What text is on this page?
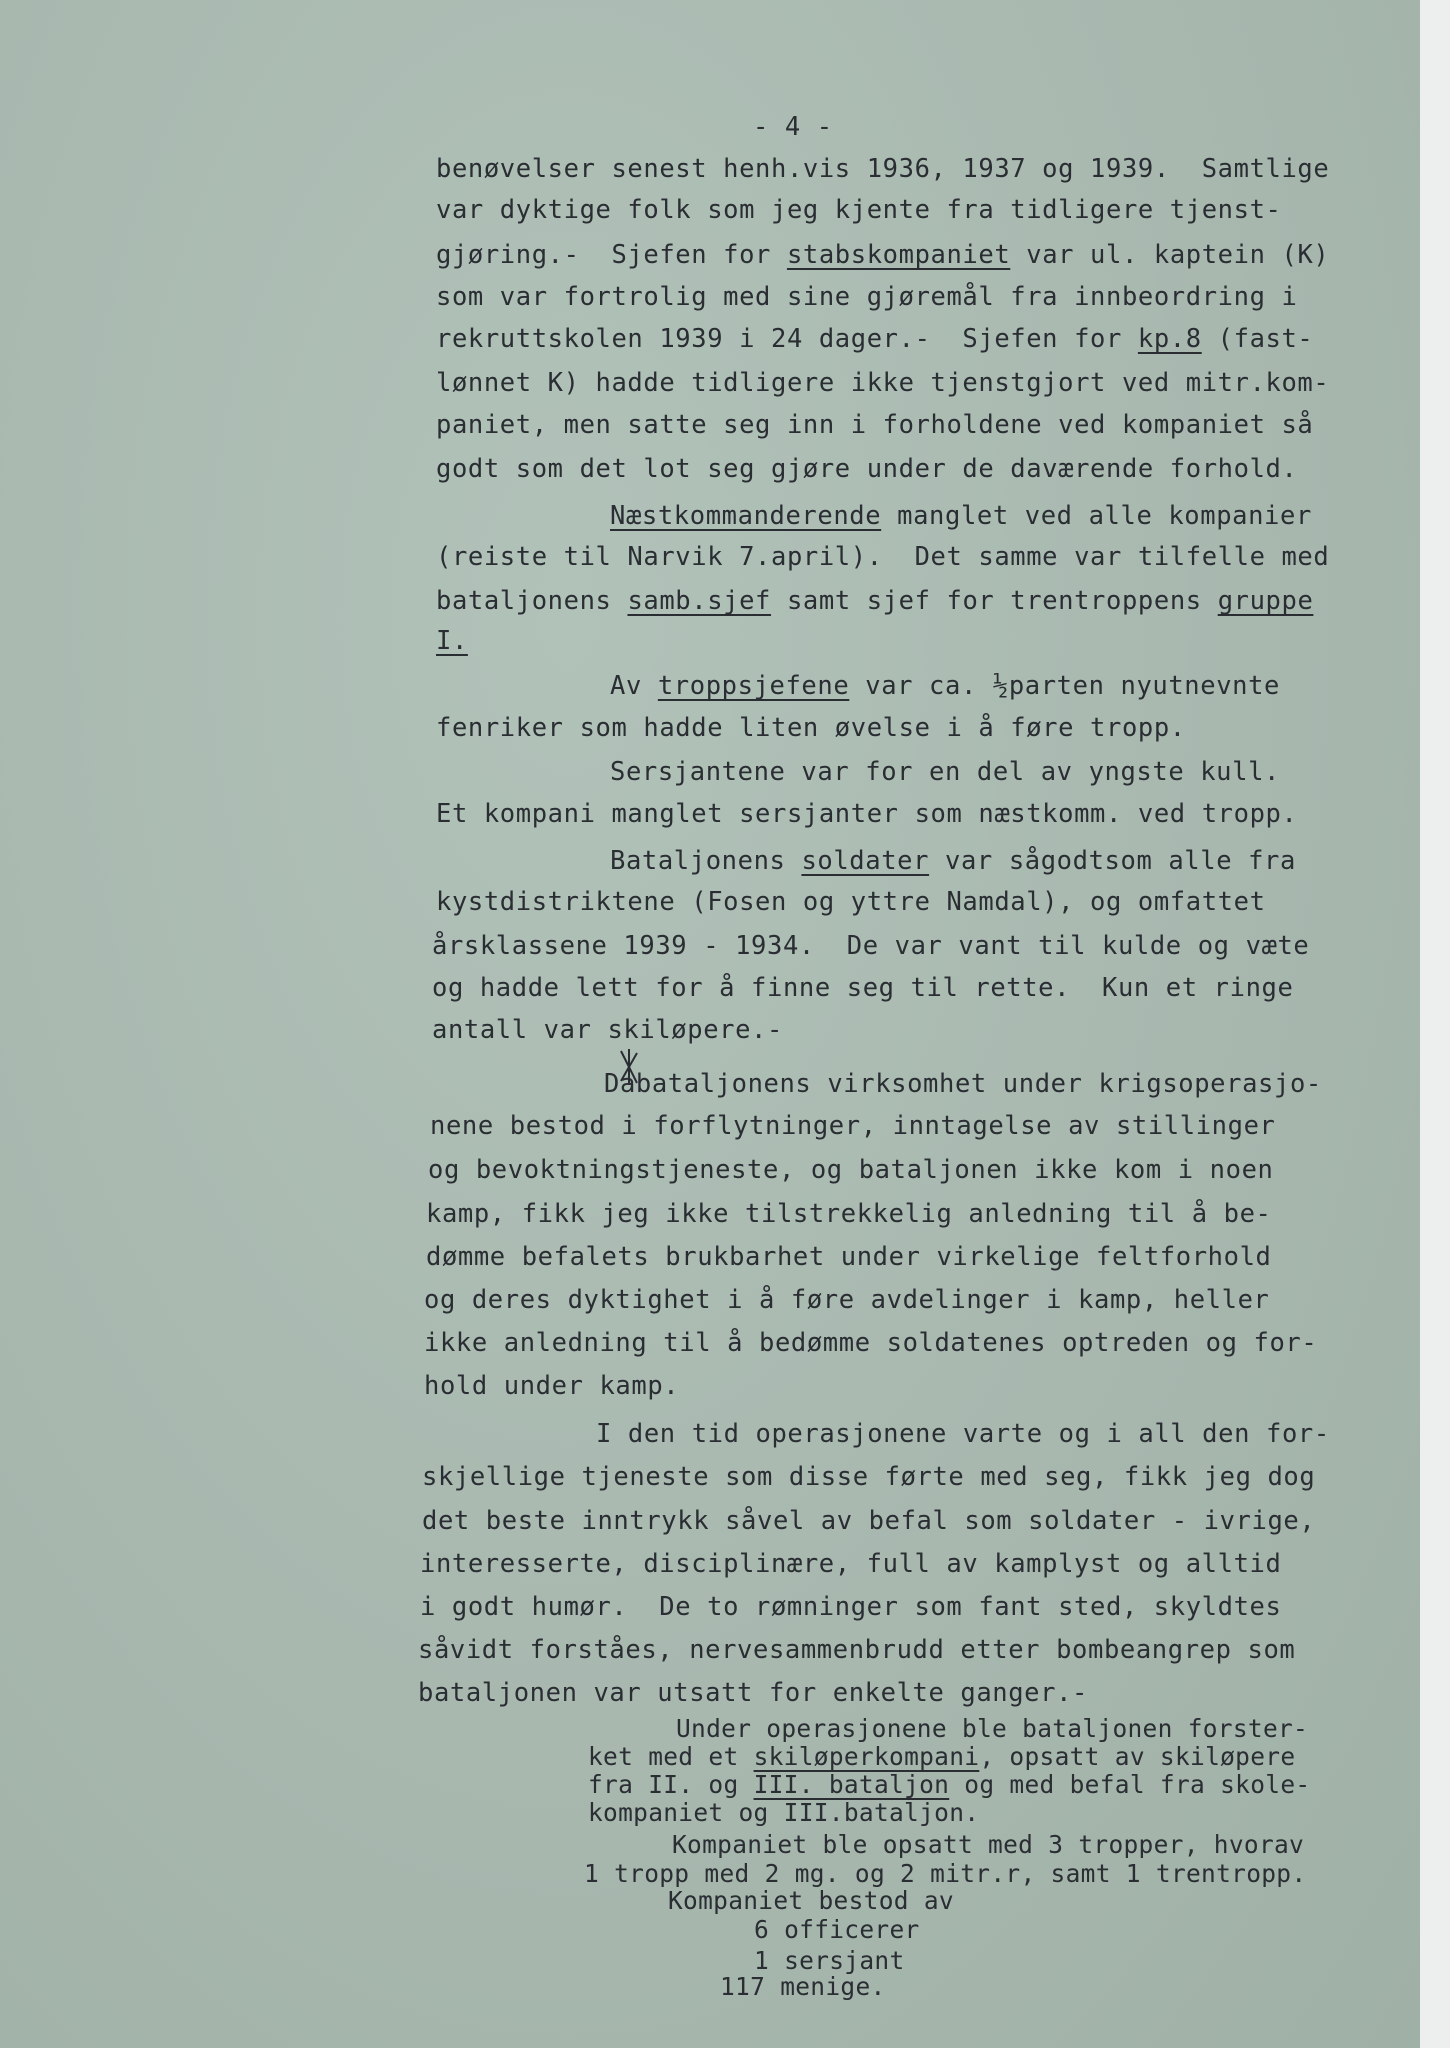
- 4 -
benøvelser senest henh.vis 1936, 1937 og 1939.  Samtlige
var dyktige folk som jeg kjente fra tidligere tjenst-
gjøring.-  Sjefen for stabskompaniet var ul. kaptein (K)
som var fortrolig med sine gjøremål fra innbeordring i
rekruttskolen 1939 i 24 dager.-  Sjefen for kp.8 (fast-
lønnet K) hadde tidligere ikke tjenstgjort ved mitr.kom-
paniet, men satte seg inn i forholdene ved kompaniet så
godt som det lot seg gjøre under de daværende forhold.
Næstkommanderende manglet ved alle kompanier
(reiste til Narvik 7.april).  Det samme var tilfelle med
bataljonens samb.sjef samt sjef for trentroppens gruppe
I.
Av troppsjefene var ca. ½parten nyutnevnte
fenriker som hadde liten øvelse i å føre tropp.
Sersjantene var for en del av yngste kull.
Et kompani manglet sersjanter som næstkomm. ved tropp.
Bataljonens soldater var sågodtsom alle fra
kystdistriktene (Fosen og yttre Namdal), og omfattet
årsklassene 1939 - 1934.  De var vant til kulde og væte
og hadde lett for å finne seg til rette.  Kun et ringe
antall var skiløpere.-
Dabataljonens virksomhet under krigsoperasjo-
nene bestod i forflytninger, inntagelse av stillinger
og bevoktningstjeneste, og bataljonen ikke kom i noen
kamp, fikk jeg ikke tilstrekkelig anledning til å be-
dømme befalets brukbarhet under virkelige feltforhold
og deres dyktighet i å føre avdelinger i kamp, heller
ikke anledning til å bedømme soldatenes optreden og for-
hold under kamp.
I den tid operasjonene varte og i all den for-
skjellige tjeneste som disse førte med seg, fikk jeg dog
det beste inntrykk såvel av befal som soldater - ivrige,
interesserte, disciplinære, full av kamplyst og alltid
i godt humør.  De to rømninger som fant sted, skyldtes
såvidt forståes, nervesammenbrudd etter bombeangrep som
bataljonen var utsatt for enkelte ganger.-
Under operasjonene ble bataljonen forster-
ket med et skiløperkompani, opsatt av skiløpere
fra II. og III. bataljon og med befal fra skole-
kompaniet og III.bataljon.
Kompaniet ble opsatt med 3 tropper, hvorav
1 tropp med 2 mg. og 2 mitr.r, samt 1 trentropp.
Kompaniet bestod av
6 officerer
1 sersjant
117 menige.
